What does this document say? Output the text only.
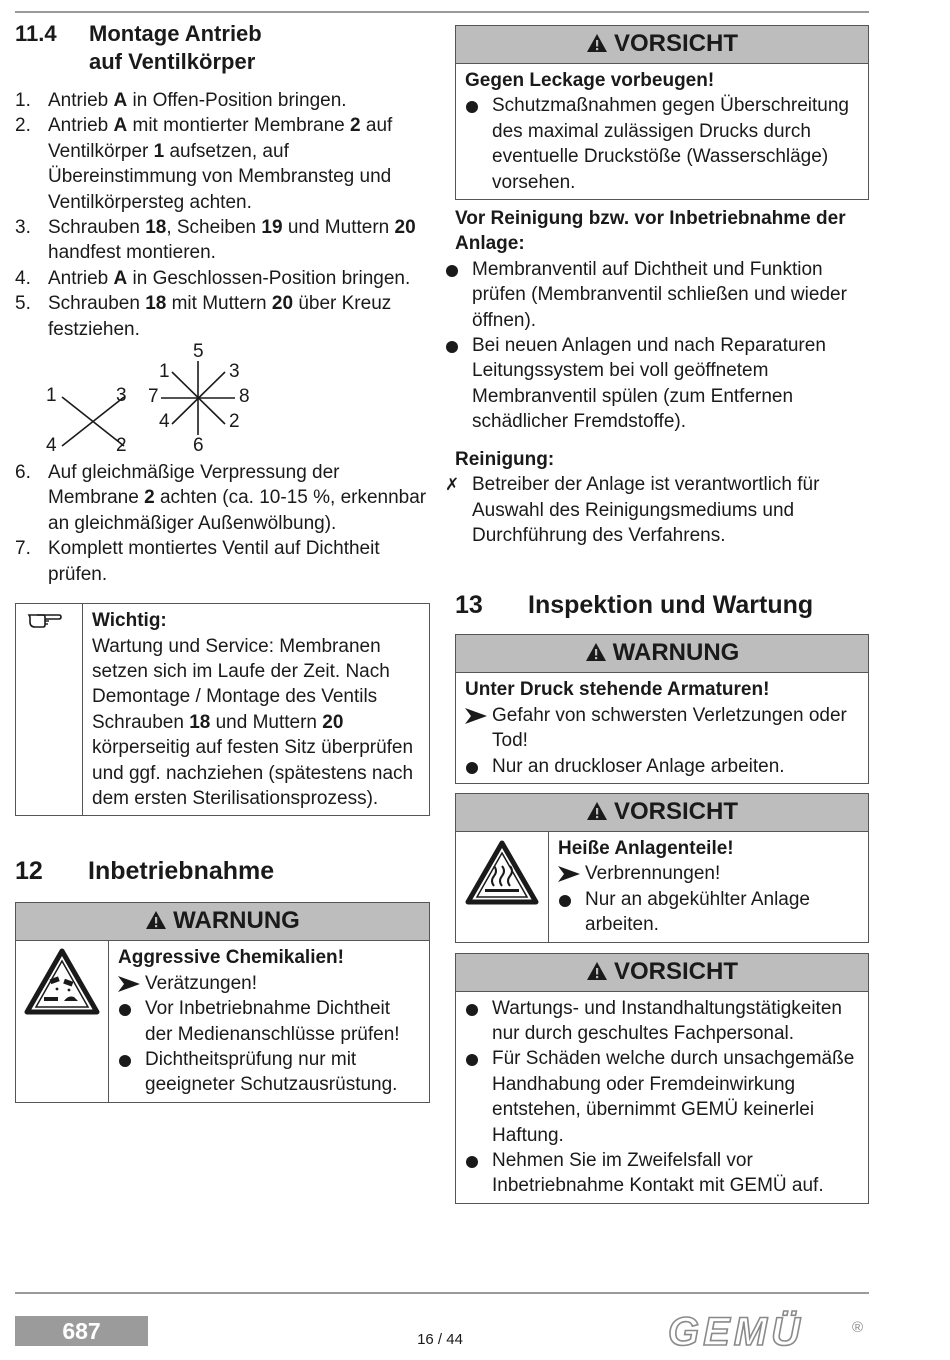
11.4	Montage Antrieb
auf Ventilkörper
1. Antrieb A in Offen-Position bringen.
2. Antrieb A mit montierter Membrane 2 auf Ventilkörper 1 aufsetzen, auf Übereinstimmung von Membransteg und Ventilkörpersteg achten.
3. Schrauben 18, Scheiben 19 und Muttern 20 handfest montieren.
4. Antrieb A in Geschlossen-Position bringen.
5. Schrauben 18 mit Muttern 20 über Kreuz festziehen.
1	3
4	2
5
1	3
7	8
4	2
6
6. Auf gleichmäßige Verpressung der Membrane 2 achten (ca. 10-15 %, erkennbar an gleichmäßiger Außenwölbung).
7. Komplett montiertes Ventil auf Dichtheit prüfen.
Wichtig:
Wartung und Service: Membranen setzen sich im Laufe der Zeit. Nach Demontage / Montage des Ventils Schrauben 18 und Muttern 20 körperseitig auf festen Sitz überprüfen und ggf. nachziehen (spätestens nach dem ersten Sterilisationsprozess).
12	Inbetriebnahme
WARNUNG
Aggressive Chemikalien!
Verätzungen!
Vor Inbetriebnahme Dichtheit der Medienanschlüsse prüfen!
Dichtheitsprüfung nur mit geeigneter Schutzausrüstung.
VORSICHT
Gegen Leckage vorbeugen!
Schutzmaßnahmen gegen Überschreitung des maximal zulässigen Drucks durch eventuelle Druckstöße (Wasserschläge) vorsehen.
Vor Reinigung bzw. vor Inbetriebnahme der Anlage:
Membranventil auf Dichtheit und Funktion prüfen (Membranventil schließen und wieder öffnen).
Bei neuen Anlagen und nach Reparaturen Leitungssystem bei voll geöffnetem Membranventil spülen (zum Entfernen schädlicher Fremdstoffe).
Reinigung:
✗ Betreiber der Anlage ist verantwortlich für Auswahl des Reinigungsmediums und Durchführung des Verfahrens.
13	Inspektion und Wartung
WARNUNG
Unter Druck stehende Armaturen!
Gefahr von schwersten Verletzungen oder Tod!
Nur an druckloser Anlage arbeiten.
VORSICHT
Heiße Anlagenteile!
Verbrennungen!
Nur an abgekühlter Anlage arbeiten.
VORSICHT
Wartungs- und Instandhaltungstätigkeiten nur durch geschultes Fachpersonal.
Für Schäden welche durch unsachgemäße Handhabung oder Fremdeinwirkung entstehen, übernimmt GEMÜ keinerlei Haftung.
Nehmen Sie im Zweifelsfall vor Inbetriebnahme Kontakt mit GEMÜ auf.
687	16 / 44	GEMÜ	®
